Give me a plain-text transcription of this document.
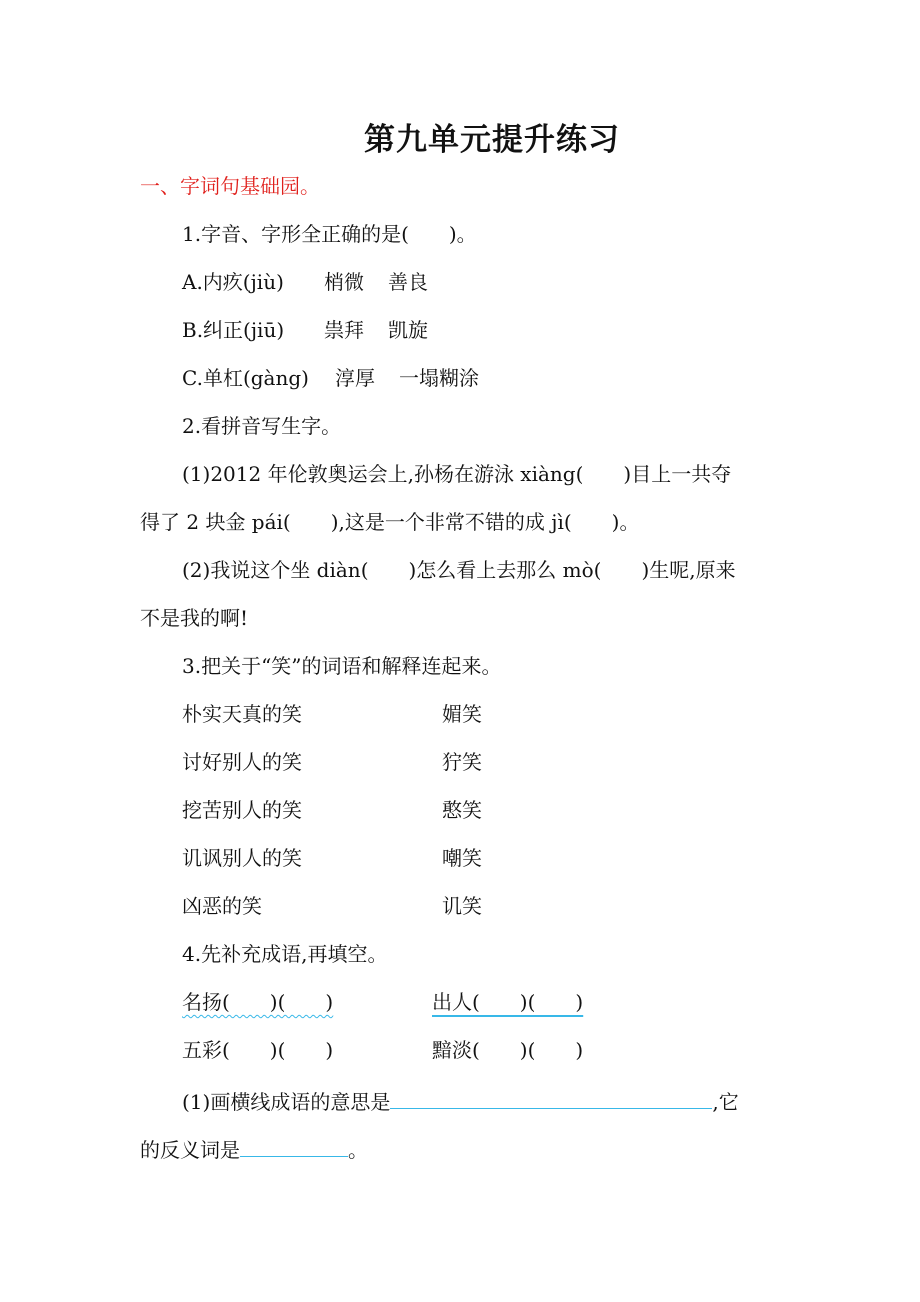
第九单元提升练习
一、字词句基础园。
1.字音、字形全正确的是(　　)。
A.内疚(jiù) 梢微 善良
B.纠正(jiū) 祟拜 凯旋
C.单杠(gàng) 淳厚 一塌糊涂
2.看拼音写生字。
(1)2012 年伦敦奥运会上,孙杨在游泳 xiàng(　　)目上一共夺
得了 2 块金 pái(　　),这是一个非常不错的成 jì(　　)。
(2)我说这个坐 diàn(　　)怎么看上去那么 mò(　　)生呢,原来
不是我的啊!
3.把关于“笑”的词语和解释连起来。
朴实天真的笑	媚笑
讨好别人的笑	狞笑
挖苦别人的笑	憨笑
讥讽别人的笑	嘲笑
凶恶的笑	讥笑
4.先补充成语,再填空。
名扬(　　)(　　)	出人(　　)(　　)
五彩(　　)(　　)	黯淡(　　)(　　)
(1)画横线成语的意思是	,它
的反义词是	。
